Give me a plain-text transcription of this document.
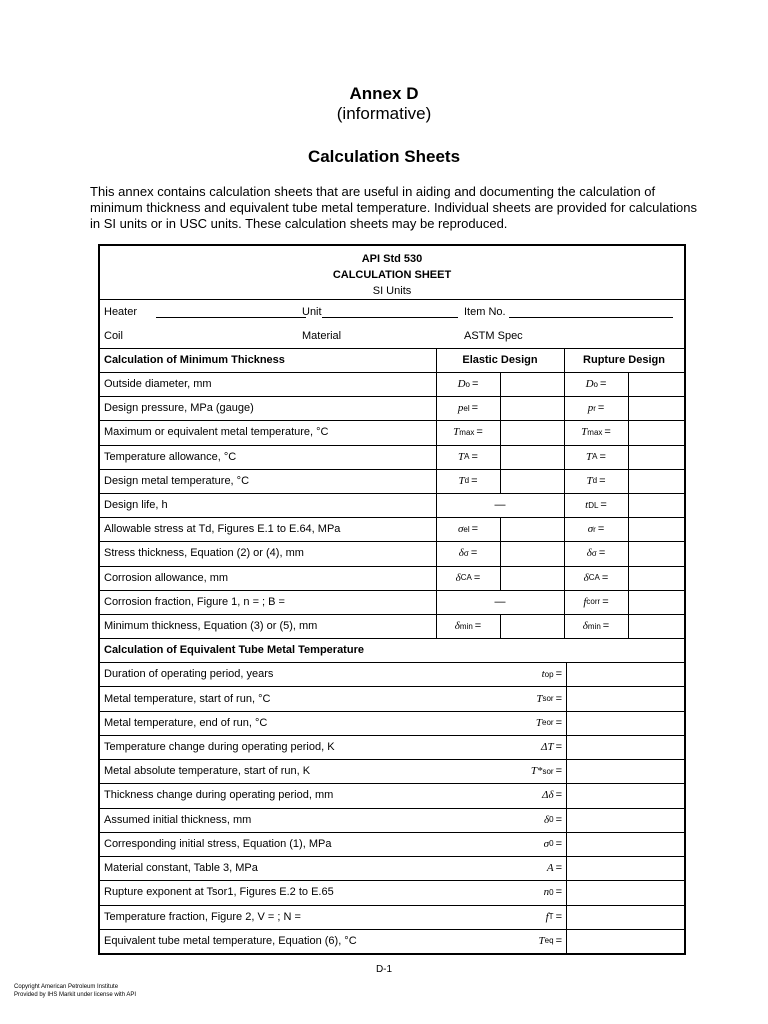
Annex D
(informative)
Calculation Sheets
This annex contains calculation sheets that are useful in aiding and documenting the calculation of minimum thickness and equivalent tube metal temperature. Individual sheets are provided for calculations in SI units or in USC units. These calculation sheets may be reproduced.
API Std 530
CALCULATION SHEET
SI Units
Heater	Unit	Item No.
Coil	Material	ASTM Spec
Calculation of Minimum Thickness	Elastic Design	Rupture Design
Outside diameter, mm	D o =	D o =
Design pressure, MPa (gauge)	p el =	p r =
Maximum or equivalent metal temperature, °C	T max =	T max =
Temperature allowance, °C	T A =	T A =
Design metal temperature, °C	T d =	T d =
Design life, h	—	t DL =
Allowable stress at Td, Figures E.1 to E.64, MPa	σ el =	σ r =
Stress thickness, Equation (2) or (4), mm	δ σ =	δ σ =
Corrosion allowance, mm	δ CA =	δ CA =
Corrosion fraction, Figure 1, n = ; B =	—	f corr =
Minimum thickness, Equation (3) or (5), mm	δ min =	δ min =
Calculation of Equivalent Tube Metal Temperature
Duration of operating period, years	t op =
Metal temperature, start of run, °C	T sor =
Metal temperature, end of run, °C	T eor =
Temperature change during operating period, K	ΔT =
Metal absolute temperature, start of run, K	T* sor =
Thickness change during operating period, mm	Δδ =
Assumed initial thickness, mm	δ 0 =
Corresponding initial stress, Equation (1), MPa	σ 0 =
Material constant, Table 3, MPa	A =
Rupture exponent at Tsor1, Figures E.2 to E.65	n 0 =
Temperature fraction, Figure 2, V = ; N =	f T =
Equivalent tube metal temperature, Equation (6), °C	T eq =
D-1
Copyright American Petroleum Institute
Provided by IHS Markit under license with API
